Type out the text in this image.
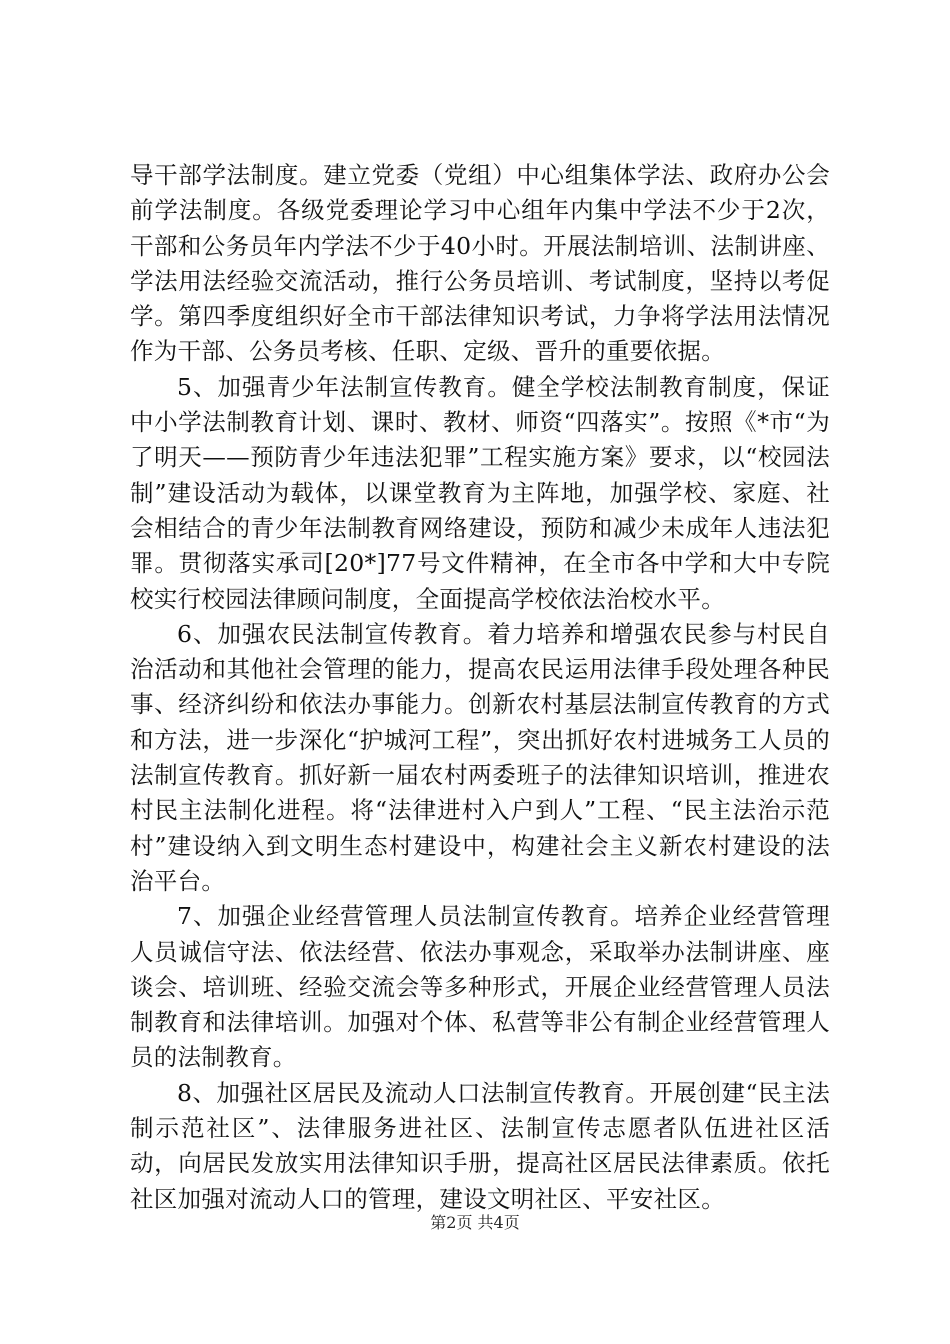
导干部学法制度。建立党委（党组）中心组集体学法、政府办公会前学法制度。各级党委理论学习中心组年内集中学法不少于2次，干部和公务员年内学法不少于40小时。开展法制培训、法制讲座、学法用法经验交流活动，推行公务员培训、考试制度，坚持以考促学。第四季度组织好全市干部法律知识考试，力争将学法用法情况作为干部、公务员考核、任职、定级、晋升的重要依据。

5、加强青少年法制宣传教育。健全学校法制教育制度，保证中小学法制教育计划、课时、教材、师资“四落实”。按照《*市“为了明天——预防青少年违法犯罪”工程实施方案》要求，以“校园法制”建设活动为载体，以课堂教育为主阵地，加强学校、家庭、社会相结合的青少年法制教育网络建设，预防和减少未成年人违法犯罪。贯彻落实承司[20*]77号文件精神，在全市各中学和大中专院校实行校园法律顾问制度，全面提高学校依法治校水平。

6、加强农民法制宣传教育。着力培养和增强农民参与村民自治活动和其他社会管理的能力，提高农民运用法律手段处理各种民事、经济纠纷和依法办事能力。创新农村基层法制宣传教育的方式和方法，进一步深化“护城河工程”，突出抓好农村进城务工人员的法制宣传教育。抓好新一届农村两委班子的法律知识培训，推进农村民主法制化进程。将“法律进村入户到人”工程、“民主法治示范村”建设纳入到文明生态村建设中，构建社会主义新农村建设的法治平台。

7、加强企业经营管理人员法制宣传教育。培养企业经营管理人员诚信守法、依法经营、依法办事观念，采取举办法制讲座、座谈会、培训班、经验交流会等多种形式，开展企业经营管理人员法制教育和法律培训。加强对个体、私营等非公有制企业经营管理人员的法制教育。

8、加强社区居民及流动人口法制宣传教育。开展创建“民主法制示范社区”、法律服务进社区、法制宣传志愿者队伍进社区活动，向居民发放实用法律知识手册，提高社区居民法律素质。依托社区加强对流动人口的管理，建设文明社区、平安社区。

第2页 共4页
